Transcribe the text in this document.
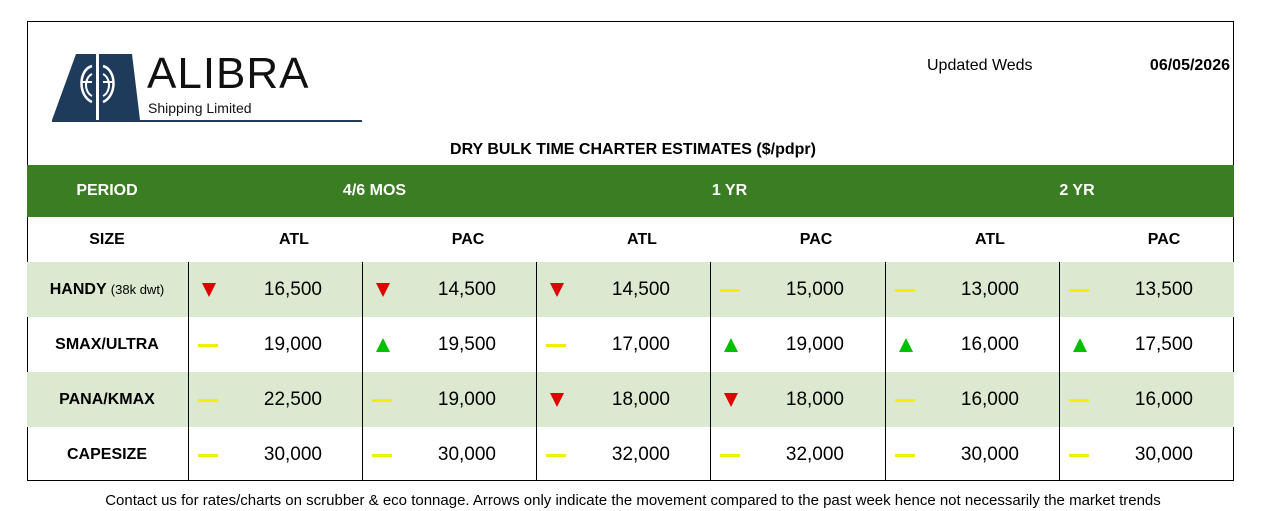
ALIBRA
Shipping Limited
Updated Weds	06/05/2026
DRY BULK TIME CHARTER ESTIMATES ($/pdpr)
PERIOD	4/6 MOS	1 YR	2 YR
SIZE	ATL	PAC	ATL	PAC	ATL	PAC
HANDY (38k dwt)	16,500	14,500	14,500	15,000	13,000	13,500
SMAX/ULTRA	19,000	19,500	17,000	19,000	16,000	17,500
PANA/KMAX	22,500	19,000	18,000	18,000	16,000	16,000
CAPESIZE	30,000	30,000	32,000	32,000	30,000	30,000
Contact us for rates/charts on scrubber & eco tonnage. Arrows only indicate the movement compared to the past week hence not necessarily the market trends
